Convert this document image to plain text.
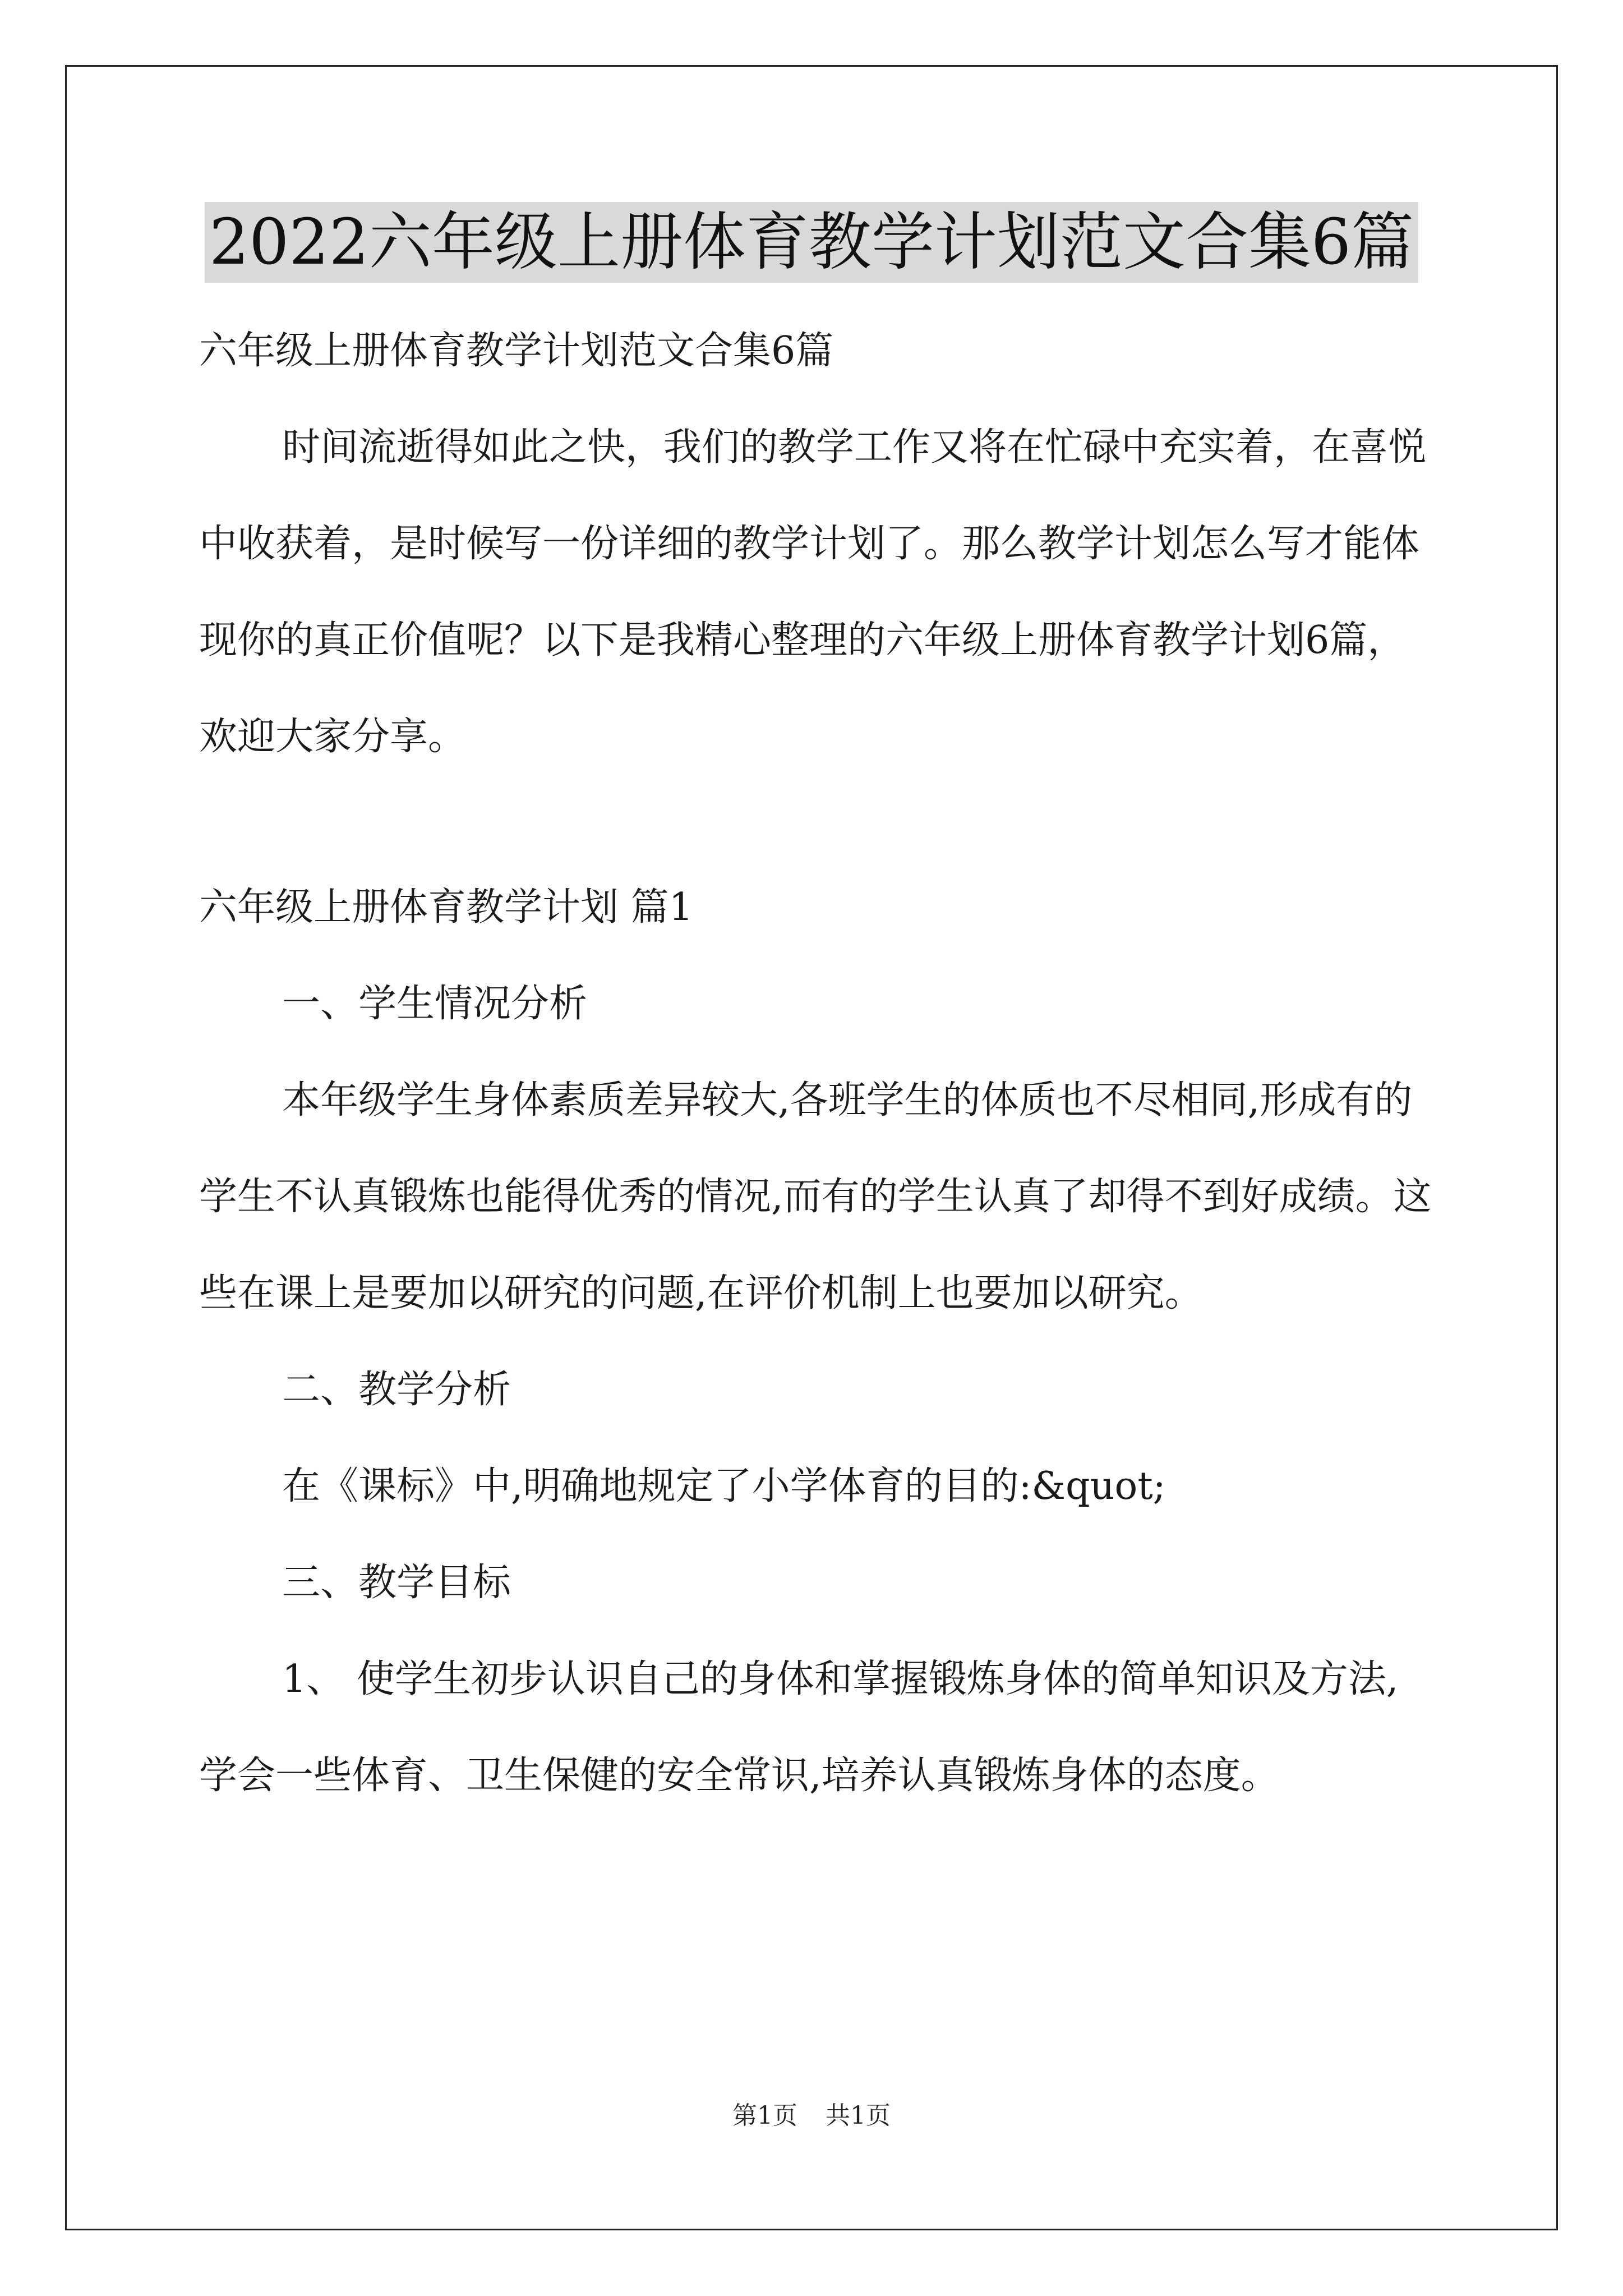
2022六年级上册体育教学计划范文合集6篇

六年级上册体育教学计划范文合集6篇

时间流逝得如此之快，我们的教学工作又将在忙碌中充实着，在喜悦中收获着，是时候写一份详细的教学计划了。那么教学计划怎么写才能体现你的真正价值呢？以下是我精心整理的六年级上册体育教学计划6篇，欢迎大家分享。

六年级上册体育教学计划 篇1

一、学生情况分析

本年级学生身体素质差异较大,各班学生的体质也不尽相同,形成有的学生不认真锻炼也能得优秀的情况,而有的学生认真了却得不到好成绩。这些在课上是要加以研究的问题,在评价机制上也要加以研究。

二、教学分析

在《课标》中,明确地规定了小学体育的目的:&quot;

三、教学目标

1、 使学生初步认识自己的身体和掌握锻炼身体的简单知识及方法,学会一些体育、卫生保健的安全常识,培养认真锻炼身体的态度。

第1页 共1页
